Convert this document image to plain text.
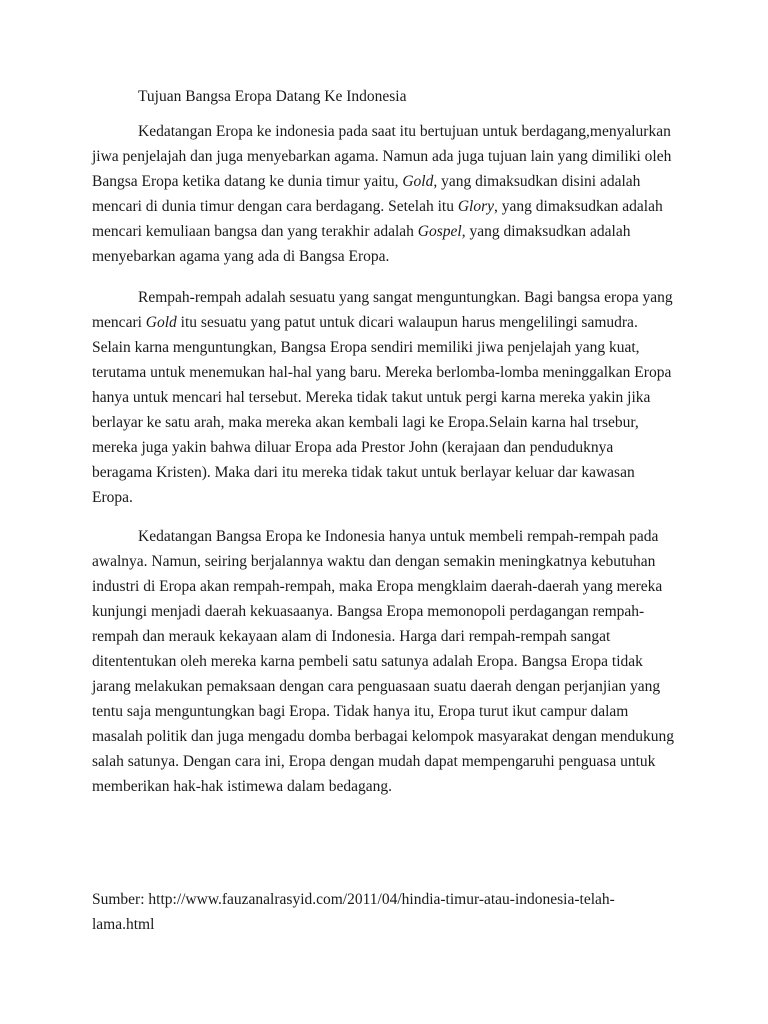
Tujuan Bangsa Eropa Datang Ke Indonesia
Kedatangan Eropa ke indonesia pada saat itu bertujuan untuk berdagang,menyalurkan
jiwa penjelajah dan juga menyebarkan agama. Namun ada juga tujuan lain yang dimiliki oleh
Bangsa Eropa ketika datang ke dunia timur yaitu, Gold, yang dimaksudkan disini adalah
mencari di dunia timur dengan cara berdagang. Setelah itu Glory, yang dimaksudkan adalah
mencari kemuliaan bangsa dan yang terakhir adalah Gospel, yang dimaksudkan adalah
menyebarkan agama yang ada di Bangsa Eropa.
Rempah-rempah adalah sesuatu yang sangat menguntungkan. Bagi bangsa eropa yang
mencari Gold itu sesuatu yang patut untuk dicari walaupun harus mengelilingi samudra.
Selain karna menguntungkan, Bangsa Eropa sendiri memiliki jiwa penjelajah yang kuat,
terutama untuk menemukan hal-hal yang baru. Mereka berlomba-lomba meninggalkan Eropa
hanya untuk mencari hal tersebut. Mereka tidak takut untuk pergi karna mereka yakin jika
berlayar ke satu arah, maka mereka akan kembali lagi ke Eropa.Selain karna hal trsebur,
mereka juga yakin bahwa diluar Eropa ada Prestor John (kerajaan dan penduduknya
beragama Kristen). Maka dari itu mereka tidak takut untuk berlayar keluar dar kawasan
Eropa.
Kedatangan Bangsa Eropa ke Indonesia hanya untuk membeli rempah-rempah pada
awalnya. Namun, seiring berjalannya waktu dan dengan semakin meningkatnya kebutuhan
industri di Eropa akan rempah-rempah, maka Eropa mengklaim daerah-daerah yang mereka
kunjungi menjadi daerah kekuasaanya. Bangsa Eropa memonopoli perdagangan rempah-
rempah dan merauk kekayaan alam di Indonesia. Harga dari rempah-rempah sangat
ditententukan oleh mereka karna pembeli satu satunya adalah Eropa. Bangsa Eropa tidak
jarang melakukan pemaksaan dengan cara penguasaan suatu daerah dengan perjanjian yang
tentu saja menguntungkan bagi Eropa. Tidak hanya itu, Eropa turut ikut campur dalam
masalah politik dan juga mengadu domba berbagai kelompok masyarakat dengan mendukung
salah satunya. Dengan cara ini, Eropa dengan mudah dapat mempengaruhi penguasa untuk
memberikan hak-hak istimewa dalam bedagang.
Sumber: http://www.fauzanalrasyid.com/2011/04/hindia-timur-atau-indonesia-telah-
lama.html
